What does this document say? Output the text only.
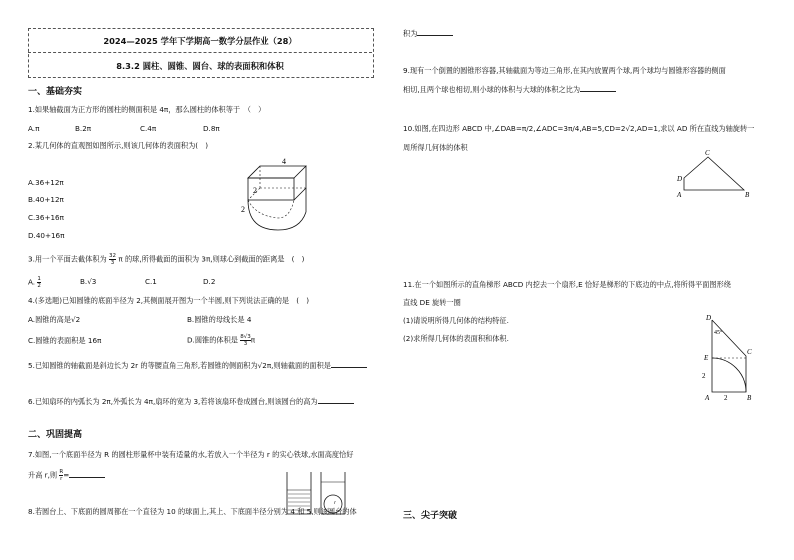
2024—2025 学年下学期高一数学分层作业（28）
8.3.2 圆柱、圆锥、圆台、球的表面积和体积
一、基础夯实
1.如果轴截面为正方形的圆柱的侧面积是 4π，那么圆柱的体积等于　（　）
A.π	B.2π	C.4π	D.8π
2.某几何体的直观图如图所示,则该几何体的表面积为(　)
A.36+12π
B.40+12π
C.36+16π
D.40+16π
4
2
2
3.用一个平面去截体积为 $\frac{32}{3}$ π 的球,所得截面的面积为 3π,则球心到截面的距离是　(　)
A. $\frac{1}{2}$	B.√3	C.1	D.2
4.(多选题)已知圆锥的底面半径为 2,其侧面展开图为一个半圆,则下列说法正确的是　(　)
A.圆锥的高是√2	B.圆锥的母线长是 4
C.圆锥的表面积是 16π	D.圆锥的体积是 $\frac{8√3}{3}$ π
5.已知圆锥的轴截面是斜边长为 2r 的等腰直角三角形,若圆锥的侧面积为√2π,则轴截面的面积是
6.已知扇环的内弧长为 2π,外弧长为 4π,扇环的宽为 3,若将该扇环卷成圆台,则该圆台的高为
二、巩固提高
7.如图,一个底面半径为 R 的圆柱形量杯中装有适量的水,若放入一个半径为 r 的实心铁球,水面高度恰好
升高 r,则 $\frac{R}{r}$ =
r
8.若圆台上、下底面的圆周都在一个直径为 10 的球面上,其上、下底面半径分别为 4 和 5,则该圆台的体
积为
9.现有一个倒置的圆锥形容器,其轴截面为等边三角形,在其内放置两个球,两个球均与圆锥形容器的侧面
相切,且两个球也相切,则小球的体积与大球的体积之比为
10.如图,在四边形 ABCD 中,∠DAB=π/2,∠ADC=3π/4,AB=5,CD=2√2,AD=1,求以 AD 所在直线为轴旋转一
周所得几何体的体积
C
D
A	B
11.在一个如图所示的直角梯形 ABCD 内挖去一个扇形,E 恰好是梯形的下底边的中点,将所得平面图形绕
直线 DE 旋转一圈
(1)请说明所得几何体的结构特征.
(2)求所得几何体的表面积和体积.
D
45°
C
E
A	B
2
2
三、尖子突破
